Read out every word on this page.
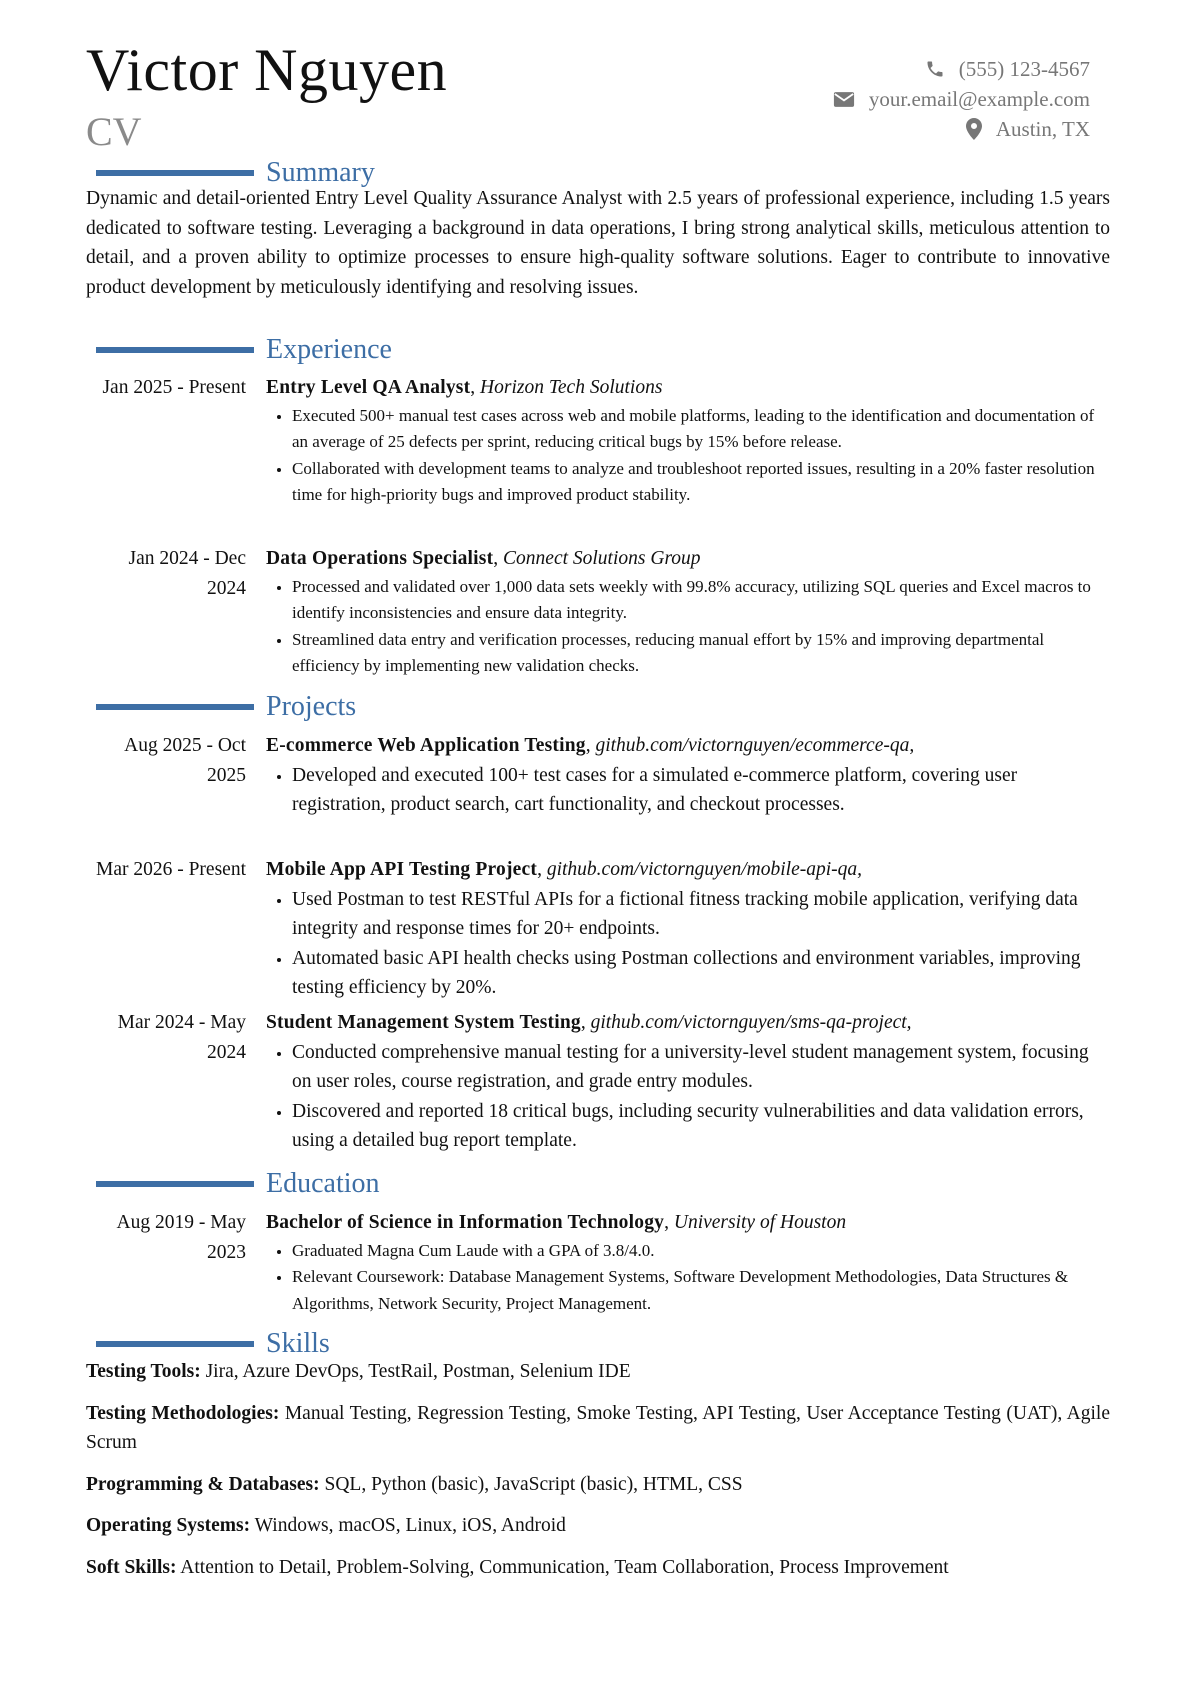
Victor Nguyen
CV
(555) 123-4567
your.email@example.com
Austin, TX
Summary
Dynamic and detail-oriented Entry Level Quality Assurance Analyst with 2.5 years of professional experience, including 1.5 years dedicated to software testing. Leveraging a background in data operations, I bring strong analytical skills, meticulous attention to detail, and a proven ability to optimize processes to ensure high-quality software solutions. Eager to contribute to innovative product development by meticulously identifying and resolving issues.
Experience
Jan 2025 - Present Entry Level QA Analyst, Horizon Tech Solutions
• Executed 500+ manual test cases across web and mobile platforms, leading to the identification and documentation of an average of 25 defects per sprint, reducing critical bugs by 15% before release.
• Collaborated with development teams to analyze and troubleshoot reported issues, resulting in a 20% faster resolution time for high-priority bugs and improved product stability.
Jan 2024 - Dec 2024
Data Operations Specialist, Connect Solutions Group
• Processed and validated over 1,000 data sets weekly with 99.8% accuracy, utilizing SQL queries and Excel macros to identify inconsistencies and ensure data integrity.
• Streamlined data entry and verification processes, reducing manual effort by 15% and improving departmental efficiency by implementing new validation checks.
Projects
Aug 2025 - Oct 2025
E-commerce Web Application Testing, github.com/victornguyen/ecommerce-qa,
• Developed and executed 100+ test cases for a simulated e-commerce platform, covering user registration, product search, cart functionality, and checkout processes.
Mar 2026 - Present Mobile App API Testing Project, github.com/victornguyen/mobile-api-qa,
• Used Postman to test RESTful APIs for a fictional fitness tracking mobile application, verifying data integrity and response times for 20+ endpoints.
• Automated basic API health checks using Postman collections and environment variables, improving testing efficiency by 20%.
Mar 2024 - May 2024
Student Management System Testing, github.com/victornguyen/sms-qa-project,
• Conducted comprehensive manual testing for a university-level student management system, focusing on user roles, course registration, and grade entry modules.
• Discovered and reported 18 critical bugs, including security vulnerabilities and data validation errors, using a detailed bug report template.
Education
Aug 2019 - May 2023
Bachelor of Science in Information Technology, University of Houston
• Graduated Magna Cum Laude with a GPA of 3.8/4.0.
• Relevant Coursework: Database Management Systems, Software Development Methodologies, Data Structures & Algorithms, Network Security, Project Management.
Skills
Testing Tools: Jira, Azure DevOps, TestRail, Postman, Selenium IDE
Testing Methodologies: Manual Testing, Regression Testing, Smoke Testing, API Testing, User Acceptance Testing (UAT), Agile Scrum
Programming & Databases: SQL, Python (basic), JavaScript (basic), HTML, CSS
Operating Systems: Windows, macOS, Linux, iOS, Android
Soft Skills: Attention to Detail, Problem-Solving, Communication, Team Collaboration, Process Improvement
